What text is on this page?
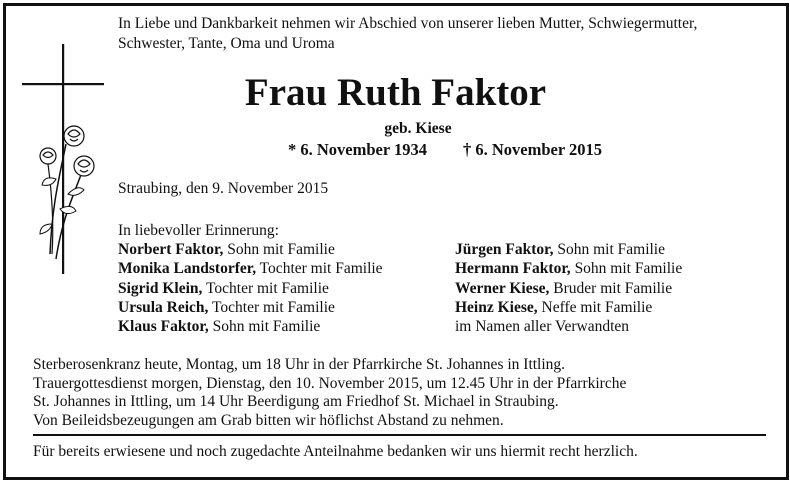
In Liebe und Dankbarkeit nehmen wir Abschied von unserer lieben Mutter, Schwiegermutter,
Schwester, Tante, Oma und Uroma
Frau Ruth Faktor
geb. Kiese
* 6. November 1934 † 6. November 2015
Straubing, den 9. November 2015
In liebevoller Erinnerung:
Norbert Faktor, Sohn mit Familie
Monika Landstorfer, Tochter mit Familie
Sigrid Klein, Tochter mit Familie
Ursula Reich, Tochter mit Familie
Klaus Faktor, Sohn mit Familie
Jürgen Faktor, Sohn mit Familie
Hermann Faktor, Sohn mit Familie
Werner Kiese, Bruder mit Familie
Heinz Kiese, Neffe mit Familie
im Namen aller Verwandten
Sterberosenkranz heute, Montag, um 18 Uhr in der Pfarrkirche St. Johannes in Ittling.
Trauergottesdienst morgen, Dienstag, den 10. November 2015, um 12.45 Uhr in der Pfarrkirche
St. Johannes in Ittling, um 14 Uhr Beerdigung am Friedhof St. Michael in Straubing.
Von Beileidsbezeugungen am Grab bitten wir höflichst Abstand zu nehmen.
Für bereits erwiesene und noch zugedachte Anteilnahme bedanken wir uns hiermit recht herzlich.
